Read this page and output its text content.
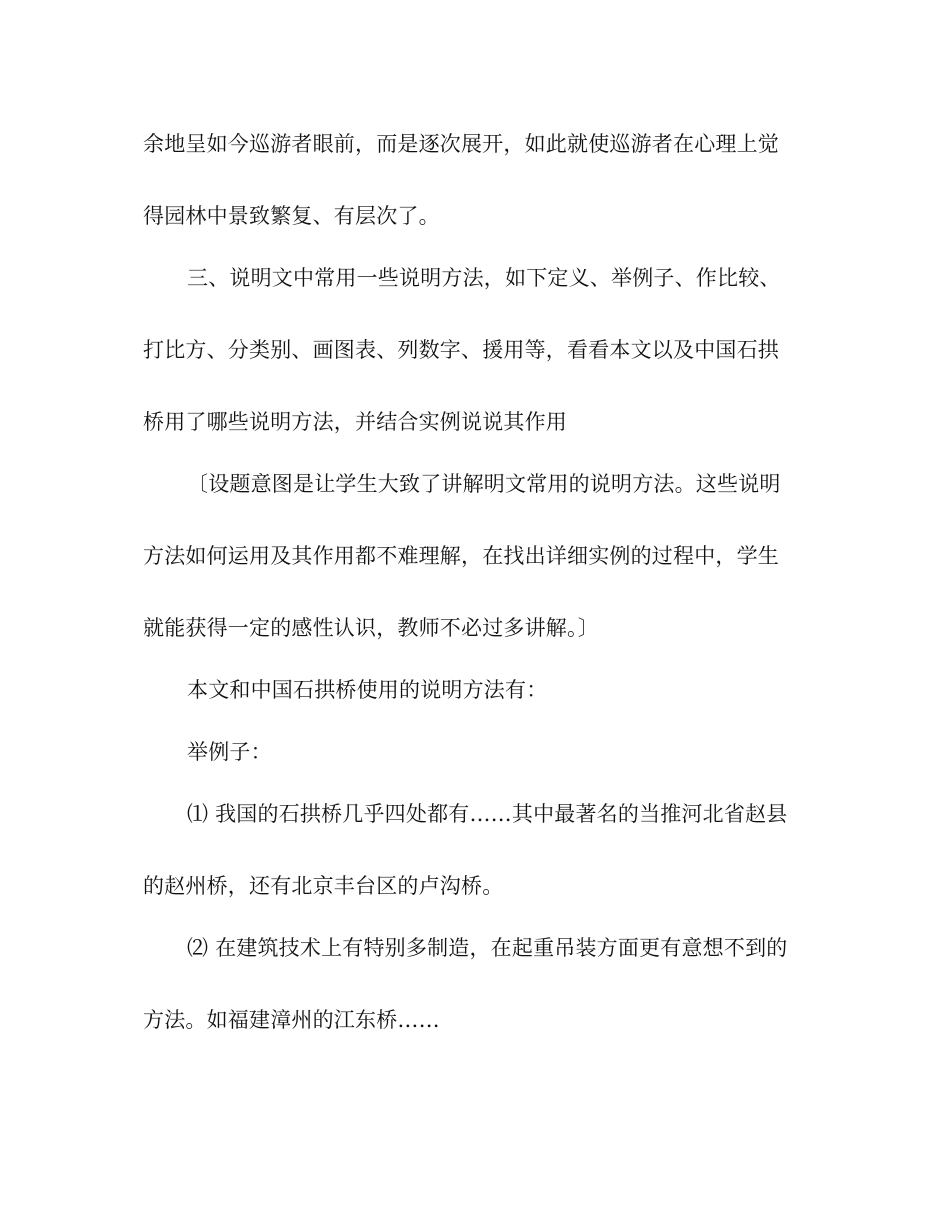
余地呈如今巡游者眼前，而是逐次展开，如此就使巡游者在心理上觉
得园林中景致繁复、有层次了。
三、说明文中常用一些说明方法，如下定义、举例子、作比较、
打比方、分类别、画图表、列数字、援用等，看看本文以及中国石拱
桥用了哪些说明方法，并结合实例说说其作用
〔设题意图是让学生大致了讲解明文常用的说明方法。这些说明
方法如何运用及其作用都不难理解，在找出详细实例的过程中，学生
就能获得一定的感性认识，教师不必过多讲解。〕
本文和中国石拱桥使用的说明方法有：
举例子：
⑴ 我国的石拱桥几乎四处都有……其中最著名的当推河北省赵县
的赵州桥，还有北京丰台区的卢沟桥。
⑵ 在建筑技术上有特别多制造，在起重吊装方面更有意想不到的
方法。如福建漳州的江东桥……
